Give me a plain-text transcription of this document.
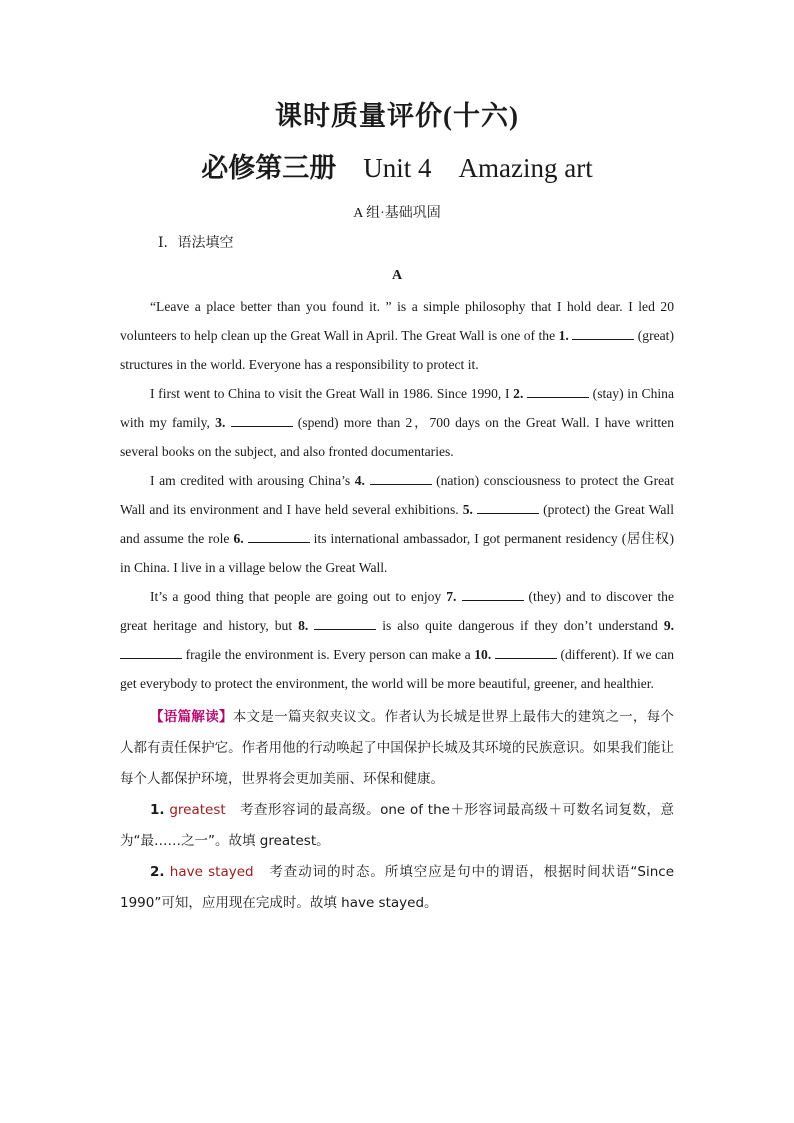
课时质量评价(十六)
必修第三册 Unit 4 Amazing art
A 组·基础巩固
Ⅰ．语法填空
A

“Leave a place better than you found it. ” is a simple philosophy that I hold dear. I led 20 volunteers to help clean up the Great Wall in April. The Great Wall is one of the 1.	(great) structures in the world. Everyone has a responsibility to protect it.

I first went to China to visit the Great Wall in 1986. Since 1990, I 2.	(stay) in China with my family, 3.	(spend) more than 2，700 days on the Great Wall. I have written several books on the subject, and also fronted documentaries.

I am credited with arousing China’s 4.	(nation) consciousness to protect the Great Wall and its environment and I have held several exhibitions. 5.	(protect) the Great Wall and assume the role 6.	its international ambassador, I got permanent residency (居住权) in China. I live in a village below the Great Wall.

It’s a good thing that people are going out to enjoy 7.	(they) and to discover the great heritage and history, but 8.	is also quite dangerous if they don’t understand 9.  fragile the environment is. Every person can make a 10.	(different). If we can get everybody to protect the environment, the world will be more beautiful, greener, and healthier.

【语篇解读】本文是一篇夹叙夹议文。作者认为长城是世界上最伟大的建筑之一，每个人都有责任保护它。作者用他的行动唤起了中国保护长城及其环境的民族意识。如果我们能让每个人都保护环境，世界将会更加美丽、环保和健康。

1. greatest 考查形容词的最高级。one of the＋形容词最高级＋可数名词复数，意为“最……之一”。故填 greatest。

2. have stayed 考查动词的时态。所填空应是句中的谓语，根据时间状语“Since 1990”可知，应用现在完成时。故填 have stayed。
